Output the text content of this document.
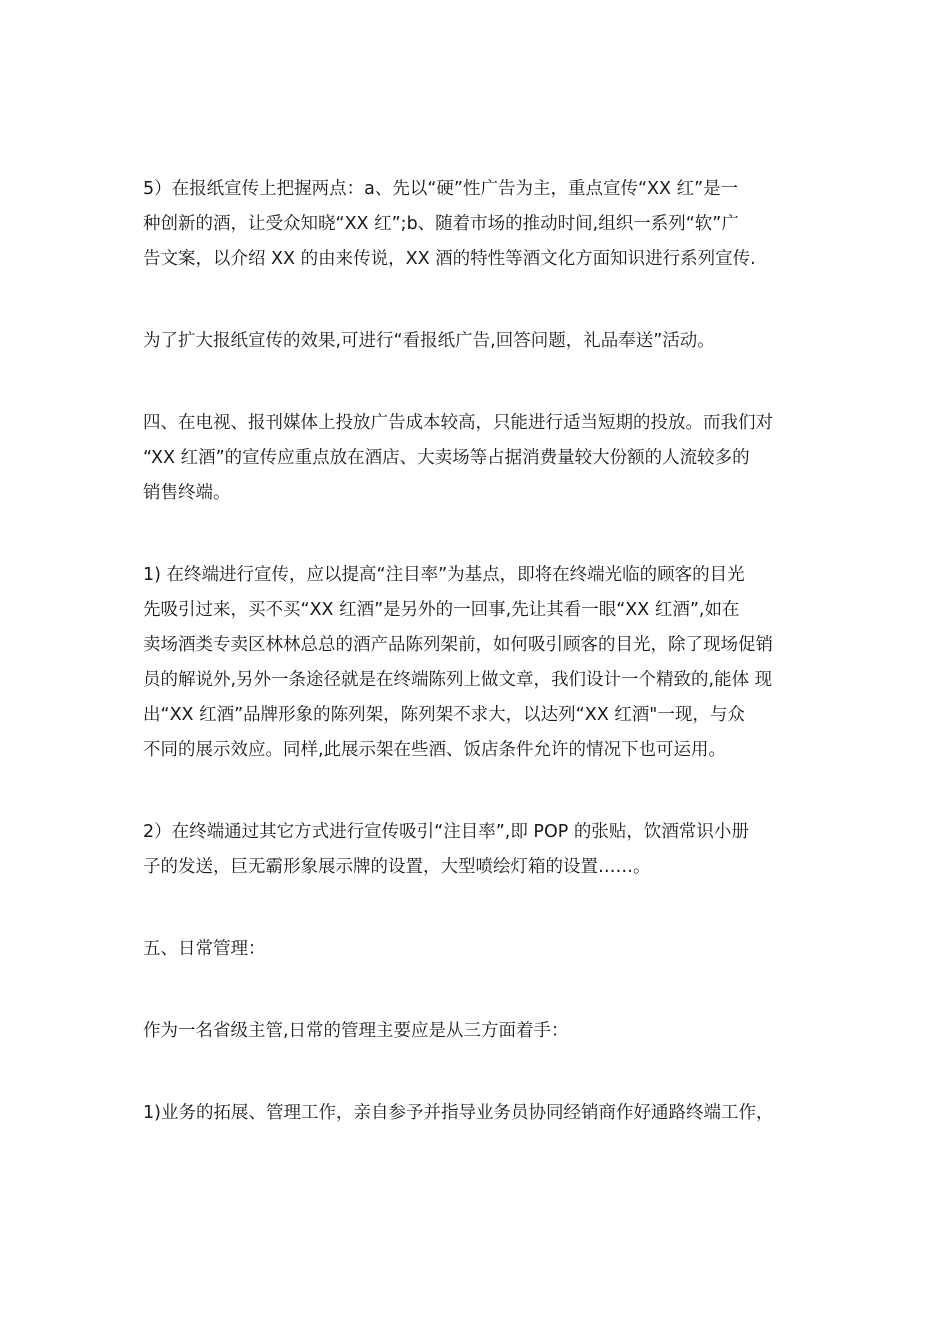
5）在报纸宣传上把握两点：a、先以“硬”性广告为主，重点宣传“XX 红”是一
种创新的酒，让受众知晓“XX 红”;b、随着市场的推动时间,组织一系列“软”广
告文案，以介绍 XX 的由来传说，XX 酒的特性等酒文化方面知识进行系列宣传.

为了扩大报纸宣传的效果,可进行“看报纸广告,回答问题，礼品奉送”活动。

四、在电视、报刊媒体上投放广告成本较高，只能进行适当短期的投放。而我们对
“XX 红酒”的宣传应重点放在酒店、大卖场等占据消费量较大份额的人流较多的
销售终端。

1) 在终端进行宣传，应以提高“注目率”为基点，即将在终端光临的顾客的目光
先吸引过来，买不买“XX 红酒”是另外的一回事,先让其看一眼“XX 红酒”,如在
卖场酒类专卖区林林总总的酒产品陈列架前，如何吸引顾客的目光，除了现场促销
员的解说外,另外一条途径就是在终端陈列上做文章，我们设计一个精致的,能体 现
出“XX 红酒”品牌形象的陈列架，陈列架不求大，以达列“XX 红酒"一现，与众
不同的展示效应。同样,此展示架在些酒、饭店条件允许的情况下也可运用。

2）在终端通过其它方式进行宣传吸引“注目率”,即 POP 的张贴，饮酒常识小册
子的发送，巨无霸形象展示牌的设置，大型喷绘灯箱的设置……。

五、日常管理：

作为一名省级主管,日常的管理主要应是从三方面着手：

1)业务的拓展、管理工作，亲自参予并指导业务员协同经销商作好通路终端工作，
